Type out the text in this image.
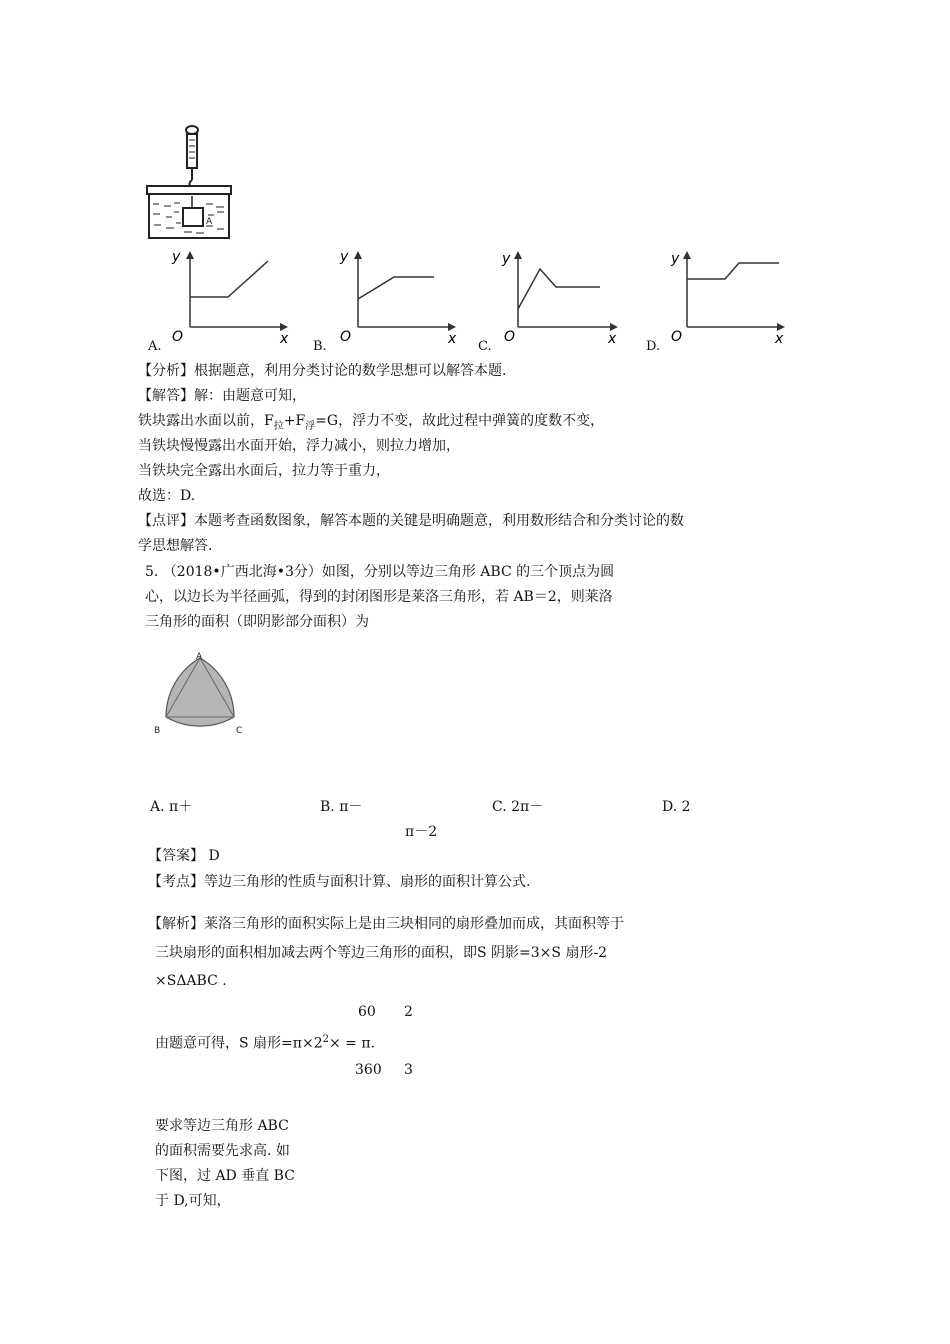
A
y
x
O
A.
y
x
O
B.
y
x
O
C.
y
x
O
D.
【分析】根据题意，利用分类讨论的数学思想可以解答本题.
【解答】解：由题意可知，
铁块露出水面以前，$F_拉+F_浮=G$，浮力不变，故此过程中弹簧的度数不变，
当铁块慢慢露出水面开始，浮力减小，则拉力增加，
当铁块完全露出水面后，拉力等于重力，
故选：D.
【点评】本题考查函数图象，解答本题的关键是明确题意，利用数形结合和分类讨论的数
学思想解答.
5. （2018•广西北海•3分）如图，分别以等边三角形 ABC 的三个顶点为圆
心，以边长为半径画弧，得到的封闭图形是莱洛三角形，若 AB＝2，则莱洛
三角形的面积（即阴影部分面积）为
A
B	C
A. π＋	B. π－	C. 2π－	D. 2
π－2
【答案】 D
【考点】等边三角形的性质与面积计算、扇形的面积计算公式.
【解析】莱洛三角形的面积实际上是由三块相同的扇形叠加而成，其面积等于
三块扇形的面积相加减去两个等边三角形的面积，即S 阴影=3×S 扇形-2
×SΔABC .
60 2
由题意可得，S 扇形$=\pi\times 2^2\times = \pi$.
360 3
要求等边三角形 ABC
的面积需要先求高. 如
下图，过 AD 垂直 BC
于 D,可知，
